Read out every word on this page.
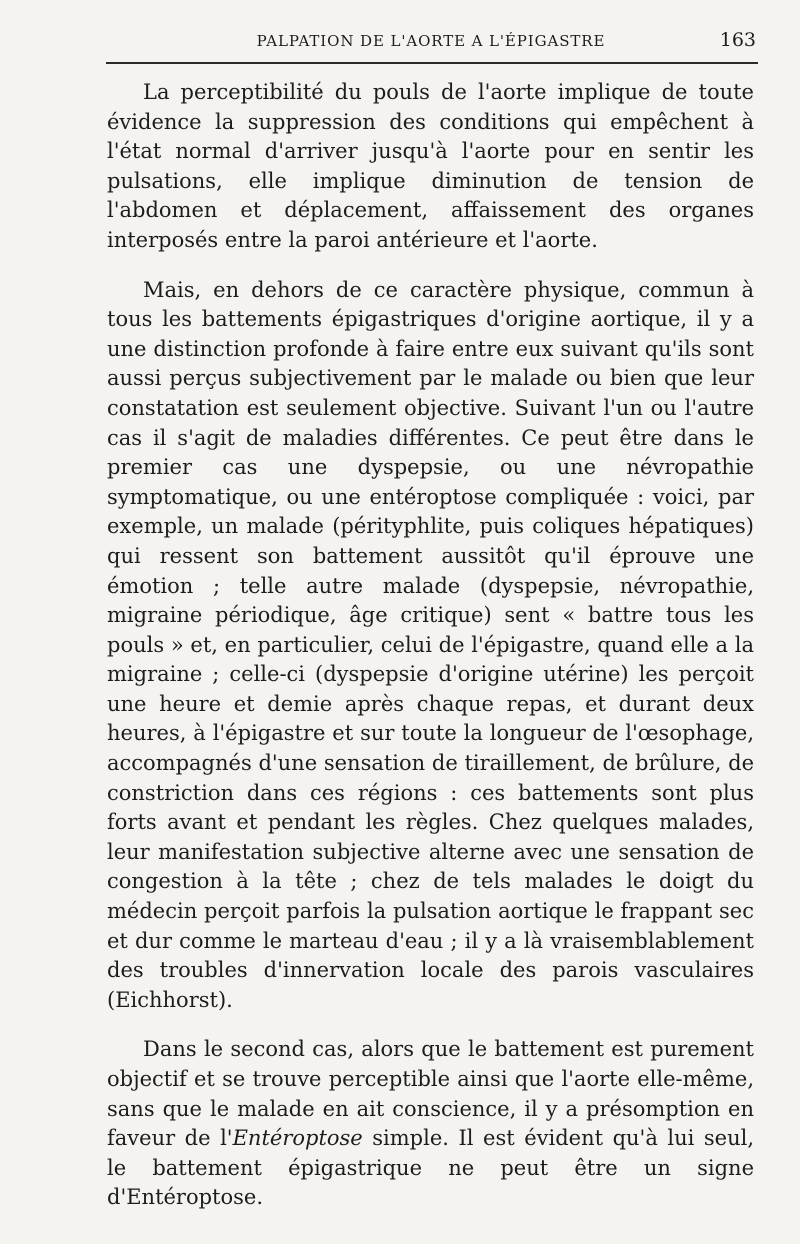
PALPATION DE L'AORTE A L'ÉPIGASTRE	163

La perceptibilité du pouls de l'aorte implique de toute évidence la suppression des conditions qui empêchent à l'état normal d'arriver jusqu'à l'aorte pour en sentir les pulsations, elle implique diminution de tension de l'abdomen et déplacement, affaissement des organes interposés entre la paroi antérieure et l'aorte.

Mais, en dehors de ce caractère physique, commun à tous les battements épigastriques d'origine aortique, il y a une distinction profonde à faire entre eux suivant qu'ils sont aussi perçus subjectivement par le malade ou bien que leur constatation est seulement objective. Suivant l'un ou l'autre cas il s'agit de maladies différentes. Ce peut être dans le premier cas une dyspepsie, ou une névropathie symptomatique, ou une entéroptose compliquée : voici, par exemple, un malade (pérityphlite, puis coliques hépatiques) qui ressent son battement aussitôt qu'il éprouve une émotion ; telle autre malade (dyspepsie, névropathie, migraine périodique, âge critique) sent « battre tous les pouls » et, en particulier, celui de l'épigastre, quand elle a la migraine ; celle-ci (dyspepsie d'origine utérine) les perçoit une heure et demie après chaque repas, et durant deux heures, à l'épigastre et sur toute la longueur de l'œsophage, accompagnés d'une sensation de tiraillement, de brûlure, de constriction dans ces régions : ces battements sont plus forts avant et pendant les règles. Chez quelques malades, leur manifestation subjective alterne avec une sensation de congestion à la tête ; chez de tels malades le doigt du médecin perçoit parfois la pulsation aortique le frappant sec et dur comme le marteau d'eau ; il y a là vraisemblablement des troubles d'innervation locale des parois vasculaires (Eichhorst).

Dans le second cas, alors que le battement est purement objectif et se trouve perceptible ainsi que l'aorte elle-même, sans que le malade en ait conscience, il y a présomption en faveur de l'Entéroptose simple. Il est évident qu'à lui seul, le battement épigastrique ne peut être un signe d'Entéroptose.
